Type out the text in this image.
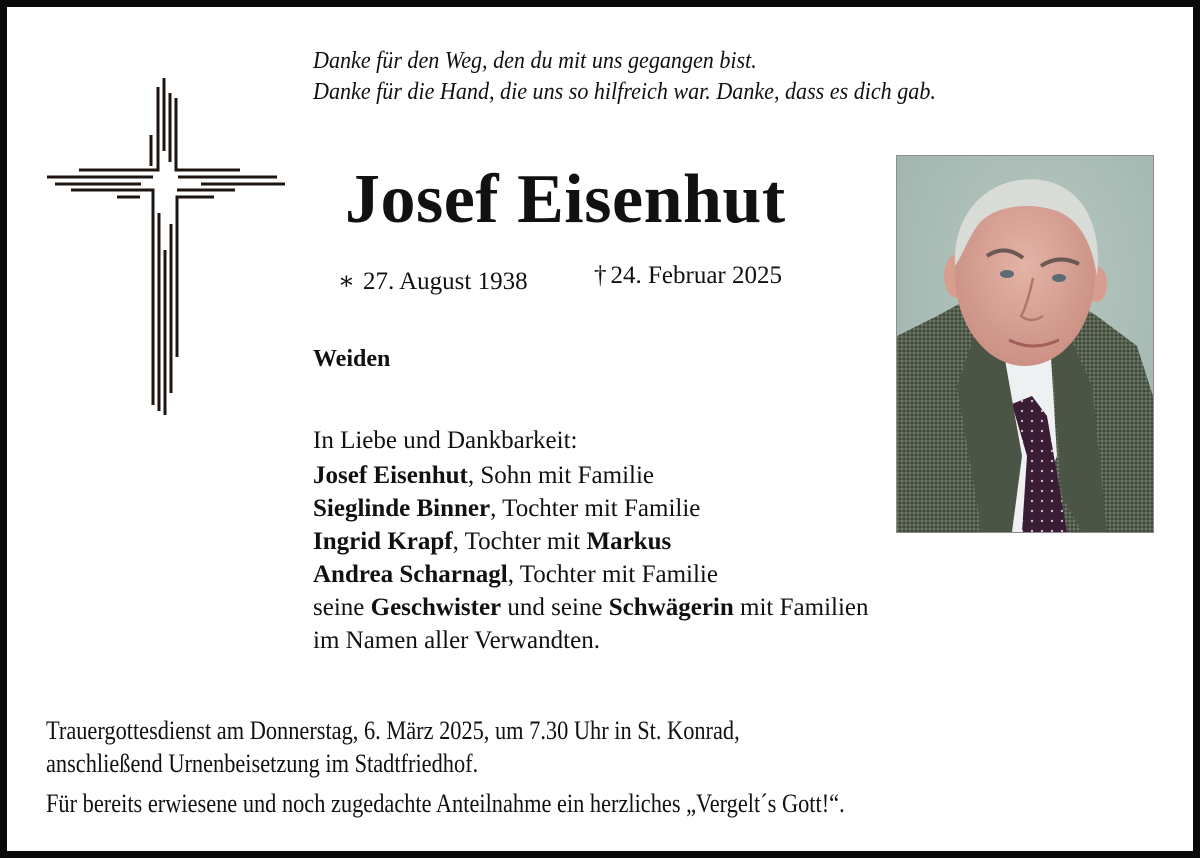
Danke für den Weg, den du mit uns gegangen bist.
Danke für die Hand, die uns so hilfreich war. Danke, dass es dich gab.
Josef Eisenhut
∗ 27. August 1938	† 24. Februar 2025
Weiden
In Liebe und Dankbarkeit:
Josef Eisenhut, Sohn mit Familie
Sieglinde Binner, Tochter mit Familie
Ingrid Krapf, Tochter mit Markus
Andrea Scharnagl, Tochter mit Familie
seine Geschwister und seine Schwägerin mit Familien
im Namen aller Verwandten.
Trauergottesdienst am Donnerstag, 6. März 2025, um 7.30 Uhr in St. Konrad,
anschließend Urnenbeisetzung im Stadtfriedhof.
Für bereits erwiesene und noch zugedachte Anteilnahme ein herzliches „Vergelt´s Gott!“.
